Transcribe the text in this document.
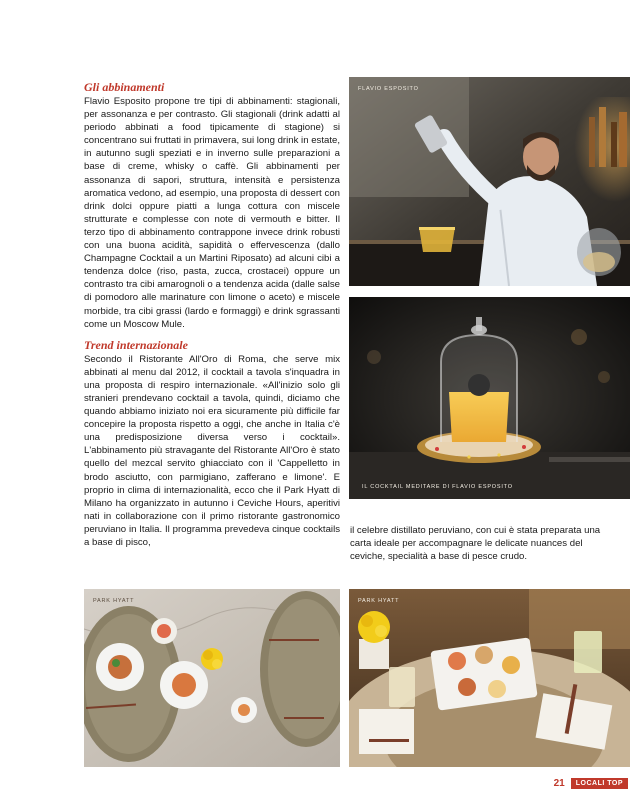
Gli abbinamenti
Flavio Esposito propone tre tipi di abbinamenti: stagionali, per assonanza e per contrasto. Gli stagionali (drink adatti al periodo abbinati a food tipicamente di stagione) si concentrano sui fruttati in primavera, sui long drink in estate, in autunno sugli speziati e in inverno sulle preparazioni a base di creme, whisky o caffè. Gli abbinamenti per assonanza di sapori, struttura, intensità e persistenza aromatica vedono, ad esempio, una proposta di dessert con drink dolci oppure piatti a lunga cottura con miscele strutturate e complesse con note di vermouth e bitter. Il terzo tipo di abbinamento contrappone invece drink robusti con una buona acidità, sapidità o effervescenza (dallo Champagne Cocktail a un Martini Riposato) ad alcuni cibi a tendenza dolce (riso, pasta, zucca, crostacei) oppure un contrasto tra cibi amarognoli o a tendenza acida (dalle salse di pomodoro alle marinature con limone o aceto) e miscele morbide, tra cibi grassi (lardo e formaggi) e drink sgrassanti come un Moscow Mule.
Trend internazionale
Secondo il Ristorante All'Oro di Roma, che serve mix abbinati al menu dal 2012, il cocktail a tavola s'inquadra in una proposta di respiro internazionale. «All'inizio solo gli stranieri prendevano cocktail a tavola, quindi, diciamo che quando abbiamo iniziato noi era sicuramente più difficile far concepire la proposta rispetto a oggi, che anche in Italia c'è una predisposizione diversa verso i cocktail». L'abbinamento più stravagante del Ristorante All'Oro è stato quello del mezcal servito ghiacciato con il 'Cappelletto in brodo asciutto, con parmigiano, zafferano e limone'. E proprio in clima di internazionalità, ecco che il Park Hyatt di Milano ha organizzato in autunno i Ceviche Hours, aperitivi nati in collaborazione con il primo ristorante gastronomico peruviano in Italia. Il programma prevedeva cinque cocktails a base di pisco,
FLAVIO ESPOSITO
IL COCKTAIL MEDITARE DI FLAVIO ESPOSITO
il celebre distillato peruviano, con cui è stata preparata una carta ideale per accompagnare le delicate nuances del ceviche, specialità a base di pesce crudo.
PARK HYATT	PARK HYATT
21	LOCALI TOP
